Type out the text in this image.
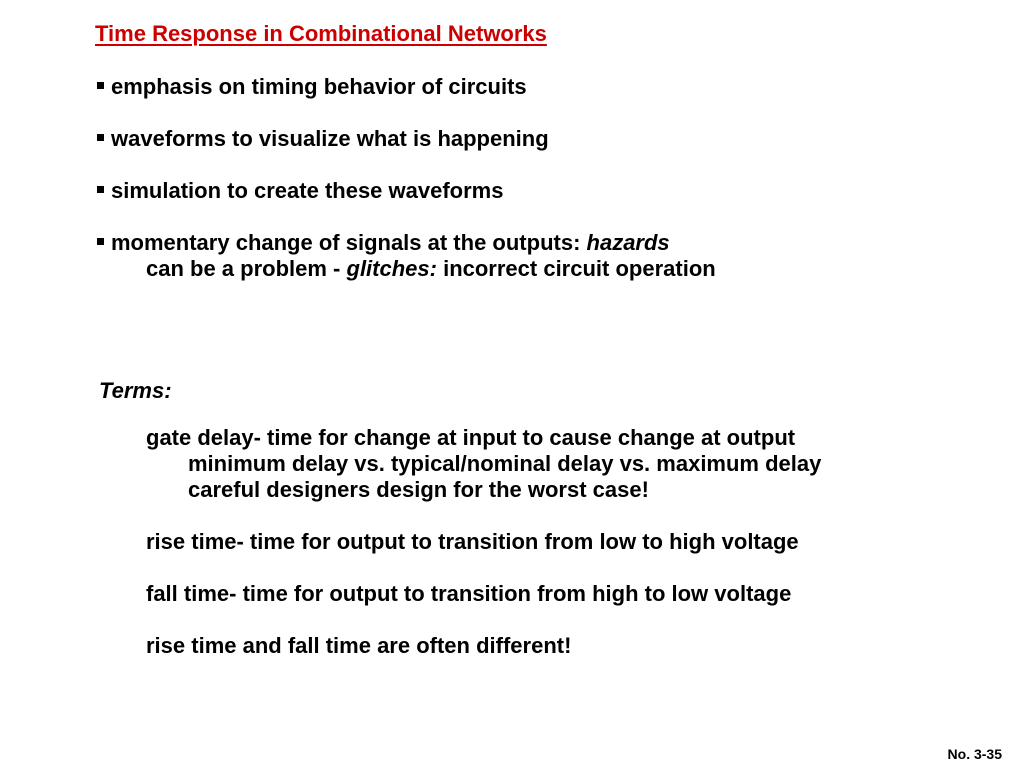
Time Response in Combinational Networks
emphasis on timing behavior of circuits
waveforms to visualize what is happening
simulation to create these waveforms
momentary change of signals at the outputs: hazards
can be a problem - glitches: incorrect circuit operation
Terms:
gate delay- time for change at input to cause change at output
minimum delay vs. typical/nominal delay vs. maximum delay
careful designers design for the worst case!
rise time- time for output to transition from low to high voltage
fall time- time for output to transition from high to low voltage
rise time and fall time are often different!
No. 3-35
